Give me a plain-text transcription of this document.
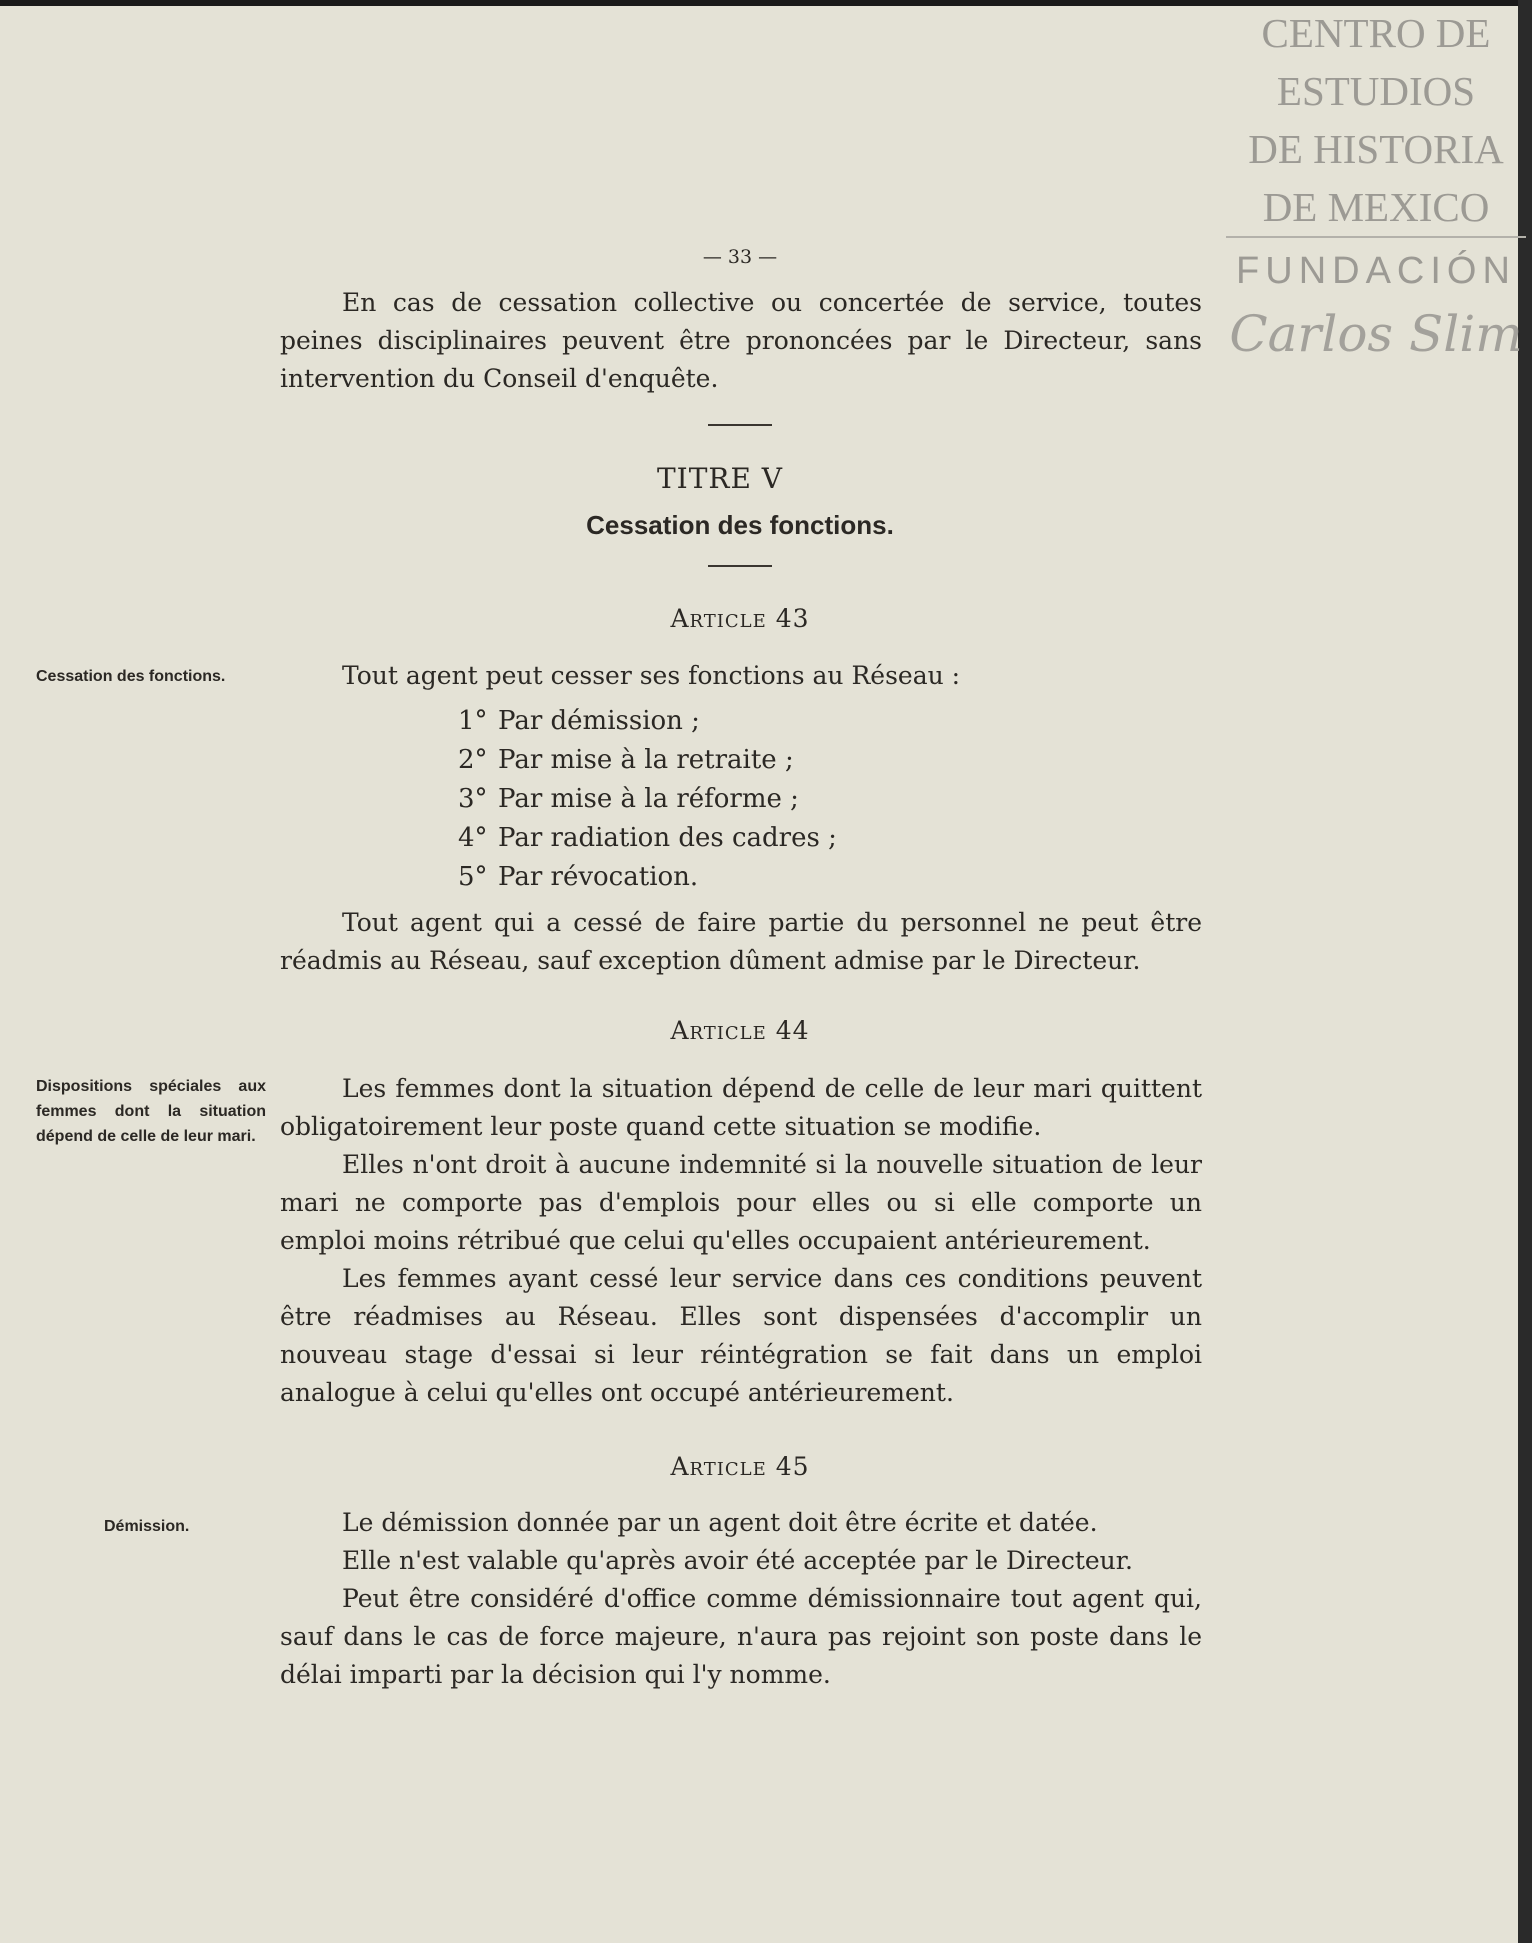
CENTRO DE
ESTUDIOS
DE HISTORIA
DE MEXICO
FUNDACIÓN
Carlos Slim
— 33 —

En cas de cessation collective ou concertée de service, toutes peines disciplinaires peuvent être prononcées par le Directeur, sans intervention du Conseil d'enquête.

TITRE V
Cessation des fonctions.
Article 43
Cessation des fonctions.	Tout agent peut cesser ses fonctions au Réseau :

1° Par démission ;
2° Par mise à la retraite ;
3° Par mise à la réforme ;
4° Par radiation des cadres ;
5° Par révocation.

Tout agent qui a cessé de faire partie du personnel ne peut être réadmis au Réseau, sauf exception dûment admise par le Directeur.

Article 44
Dispositions spéciales aux femmes dont la situation dépend de celle de leur mari.

Les femmes dont la situation dépend de celle de leur mari quittent obligatoirement leur poste quand cette situation se modifie.

Elles n'ont droit à aucune indemnité si la nouvelle situation de leur mari ne comporte pas d'emplois pour elles ou si elle comporte un emploi moins rétribué que celui qu'elles occupaient antérieurement.

Les femmes ayant cessé leur service dans ces conditions peuvent être réadmises au Réseau. Elles sont dispensées d'accomplir un nouveau stage d'essai si leur réintégration se fait dans un emploi analogue à celui qu'elles ont occupé antérieurement.

Article 45
Démission.	Le démission donnée par un agent doit être écrite et datée.

Elle n'est valable qu'après avoir été acceptée par le Directeur.

Peut être considéré d'office comme démissionnaire tout agent qui, sauf dans le cas de force majeure, n'aura pas rejoint son poste dans le délai imparti par la décision qui l'y nomme.
